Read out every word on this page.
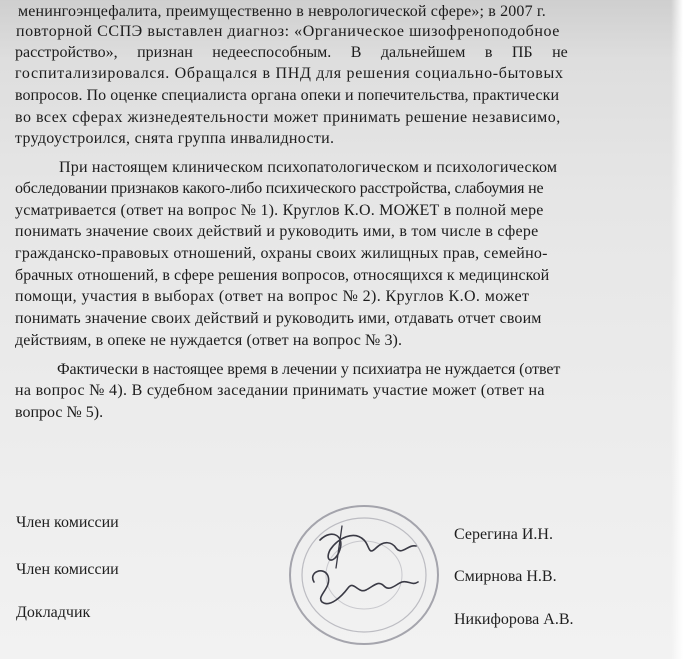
менингоэнцефалита, преимущественно в неврологической сфере»; в 2007 г.
повторной ССПЭ выставлен диагноз: «Органическое шизофреноподобное
расстройство», признан недееспособным. В дальнейшем в ПБ не
госпитализировался. Обращался в ПНД для решения социально-бытовых
вопросов. По оценке специалиста органа опеки и попечительства, практически
во всех сферах жизнедеятельности может принимать решение независимо,
трудоустроился, снята группа инвалидности.
При настоящем клиническом психопатологическом и психологическом
обследовании признаков какого-либо психического расстройства, слабоумия не
усматривается (ответ на вопрос № 1). Круглов К.О. МОЖЕТ в полной мере
понимать значение своих действий и руководить ими, в том числе в сфере
гражданско-правовых отношений, охраны своих жилищных прав, семейно-
брачных отношений, в сфере решения вопросов, относящихся к медицинской
помощи, участия в выборах (ответ на вопрос № 2). Круглов К.О. может
понимать значение своих действий и руководить ими, отдавать отчет своим
действиям, в опеке не нуждается (ответ на вопрос № 3).
Фактически в настоящее время в лечении у психиатра не нуждается (ответ
на вопрос № 4). В судебном заседании принимать участие может (ответ на
вопрос № 5).
Член комиссии
Член комиссии
Докладчик
Серегина И.Н.
Смирнова Н.В.
Никифорова А.В.
